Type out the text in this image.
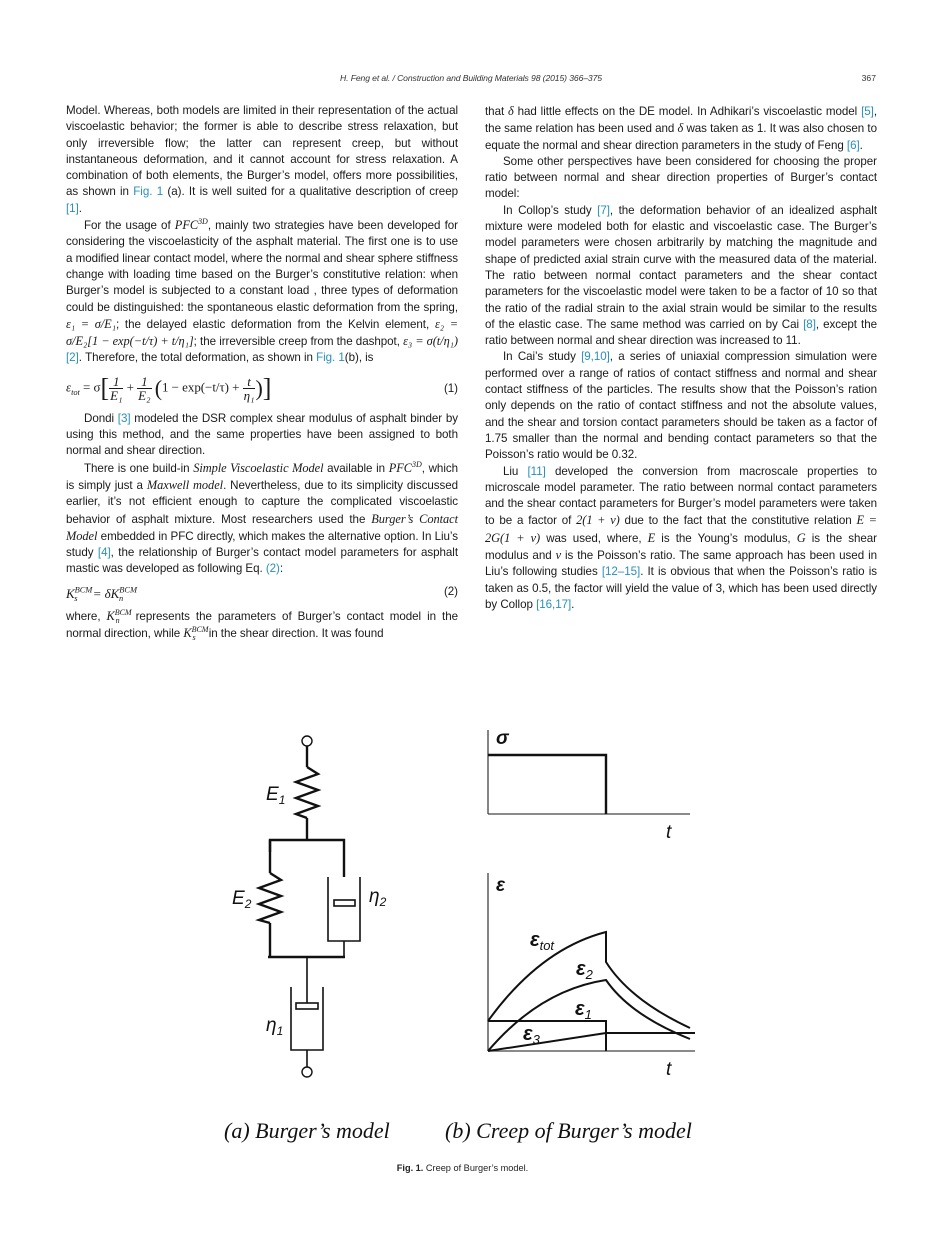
H. Feng et al. / Construction and Building Materials 98 (2015) 366–375	367

Model. Whereas, both models are limited in their representation of the actual viscoelastic behavior; the former is able to describe stress relaxation, but only irreversible flow; the latter can represent creep, but without instantaneous deformation, and it cannot account for stress relaxation. A combination of both elements, the Burger’s model, offers more possibilities, as shown in Fig. 1 (a). It is well suited for a qualitative description of creep [1].

For the usage of $PFC^{3D}$, mainly two strategies have been developed for considering the viscoelasticity of the asphalt material. The first one is to use a modified linear contact model, where the normal and shear sphere stiffness change with loading time based on the Burger’s constitutive relation: when Burger’s model is subjected to a constant load , three types of deformation could be distinguished: the spontaneous elastic deformation from the spring, ε₁ = σ/E₁; the delayed elastic deformation from the Kelvin element, ε₂ = σ/E₂[1 − exp(−t/τ) + t/η₁]; the irreversible creep from the dashpot, ε₃ = σ(t/η₁) [2]. Therefore, the total deformation, as shown in Fig. 1(b), is

$\varepsilon_{tot} = \sigma[ \frac{1}{\text{E₁}} + \frac{1}{\text{E₂}} (1 - \exp(-t/\tau) + \frac{t}{\text{η₁}}$ )]	(1)

Dondi [3] modeled the DSR complex shear modulus of asphalt binder by using this method, and the same properties have been assigned to both normal and shear direction.

There is one build-in Simple Viscoelastic Model available in $PFC^{3D}$, which is simply just a Maxwell model. Nevertheless, due to its simplicity discussed earlier, it’s not efficient enough to capture the complicated viscoelastic behavior of asphalt mixture. Most researchers used the Burger’s Contact Model embedded in PFC directly, which makes the alternative option. In Liu’s study [4], the relationship of Burger’s contact model parameters for asphalt mastic was developed as following Eq. (2):

$K^{BCM}_s = \delta K^{BCM}_n$
(2)

where, $K^{BCM}_n$ represents the parameters of Burger’s contact model in the normal direction, while $K^{BCM}_s$ in the shear direction. It was found

that δ had little effects on the DE model. In Adhikari’s viscoelastic model [5], the same relation has been used and δ was taken as 1. It was also chosen to equate the normal and shear direction parameters in the study of Feng [6].

Some other perspectives have been considered for choosing the proper ratio between normal and shear direction properties of Burger’s contact model:

In Collop’s study [7], the deformation behavior of an idealized asphalt mixture were modeled both for elastic and viscoelastic case. The Burger’s model parameters were chosen arbitrarily by matching the magnitude and shape of predicted axial strain curve with the measured data of the material. The ratio between normal contact parameters and the shear contact parameters for the viscoelastic model were taken to be a factor of 10 so that the ratio of the radial strain to the axial strain would be similar to the results of the elastic case. The same method was carried on by Cai [8], except the ratio between normal and shear direction was increased to 11.

In Cai’s study [9,10], a series of uniaxial compression simulation were performed over a range of ratios of contact stiffness and normal and shear contact stiffness of the particles. The results show that the Poisson’s ration only depends on the ratio of contact stiffness and not the absolute values, and the shear and torsion contact parameters should be taken as a factor of 1.75 smaller than the normal and bending contact parameters so that the Poisson’s ratio would be 0.32.

Liu [11] developed the conversion from macroscale properties to microscale model parameter. The ratio between normal contact parameters and the shear contact parameters for Burger’s model parameters were taken to be a factor of 2(1 + ν) due to the fact that the constitutive relation E = 2G(1 + ν) was used, where, E is the Young’s modulus, G is the shear modulus and ν is the Poisson’s ratio. The same approach has been used in Liu’s following studies [12–15]. It is obvious that when the Poisson’s ratio is taken as 0.5, the factor will yield the value of 3, which has been used directly by Collop [16,17].

$E_1$
$E_2$	$\eta_2$
$\eta_1$
σ
t
ε
$\varepsilon_{tot}$
$\varepsilon_2$
$\varepsilon_1$
$\varepsilon_3$
t
(a) Burger’s model	(b) Creep of Burger’s model
Fig. 1. Creep of Burger’s model.
